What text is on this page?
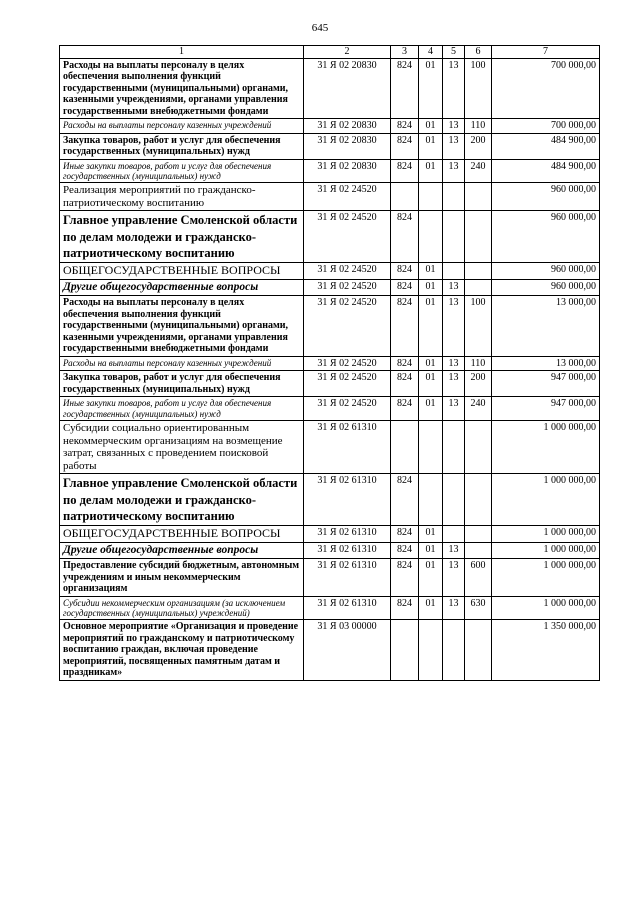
645
1	2	3	4	5	6	7
Расходы на выплаты персоналу в целях обеспечения выполнения функций государственными (муниципальными) органами, казенными учреждениями, органами управления государственными внебюджетными фондами	31 Я 02 20830	824	01	13	100	700 000,00
Расходы на выплаты персоналу казенных учреждений	31 Я 02 20830	824	01	13	110	700 000,00
Закупка товаров, работ и услуг для обеспечения государственных (муниципальных) нужд	31 Я 02 20830	824	01	13	200	484 900,00
Иные закупки товаров, работ и услуг для обеспечения государственных (муниципальных) нужд	31 Я 02 20830	824	01	13	240	484 900,00
Реализация мероприятий по гражданско-патриотическому воспитанию	31 Я 02 24520					960 000,00
Главное управление Смоленской области по делам молодежи и гражданско-патриотическому воспитанию	31 Я 02 24520	824				960 000,00
ОБЩЕГОСУДАРСТВЕННЫЕ ВОПРОСЫ	31 Я 02 24520	824	01			960 000,00
Другие общегосударственные вопросы	31 Я 02 24520	824	01	13		960 000,00
Расходы на выплаты персоналу в целях обеспечения выполнения функций государственными (муниципальными) органами, казенными учреждениями, органами управления государственными внебюджетными фондами	31 Я 02 24520	824	01	13	100	13 000,00
Расходы на выплаты персоналу казенных учреждений	31 Я 02 24520	824	01	13	110	13 000,00
Закупка товаров, работ и услуг для обеспечения государственных (муниципальных) нужд	31 Я 02 24520	824	01	13	200	947 000,00
Иные закупки товаров, работ и услуг для обеспечения государственных (муниципальных) нужд	31 Я 02 24520	824	01	13	240	947 000,00
Субсидии социально ориентированным некоммерческим организациям на возмещение затрат, связанных с проведением поисковой работы	31 Я 02 61310					1 000 000,00
Главное управление Смоленской области по делам молодежи и гражданско-патриотическому воспитанию	31 Я 02 61310	824				1 000 000,00
ОБЩЕГОСУДАРСТВЕННЫЕ ВОПРОСЫ	31 Я 02 61310	824	01			1 000 000,00
Другие общегосударственные вопросы	31 Я 02 61310	824	01	13		1 000 000,00
Предоставление субсидий бюджетным, автономным учреждениям и иным некоммерческим организациям	31 Я 02 61310	824	01	13	600	1 000 000,00
Субсидии некоммерческим организациям (за исключением государственных (муниципальных) учреждений)	31 Я 02 61310	824	01	13	630	1 000 000,00
Основное мероприятие «Организация и проведение мероприятий по гражданскому и патриотическому воспитанию граждан, включая проведение мероприятий, посвященных памятным датам и праздникам»	31 Я 03 00000					1 350 000,00
